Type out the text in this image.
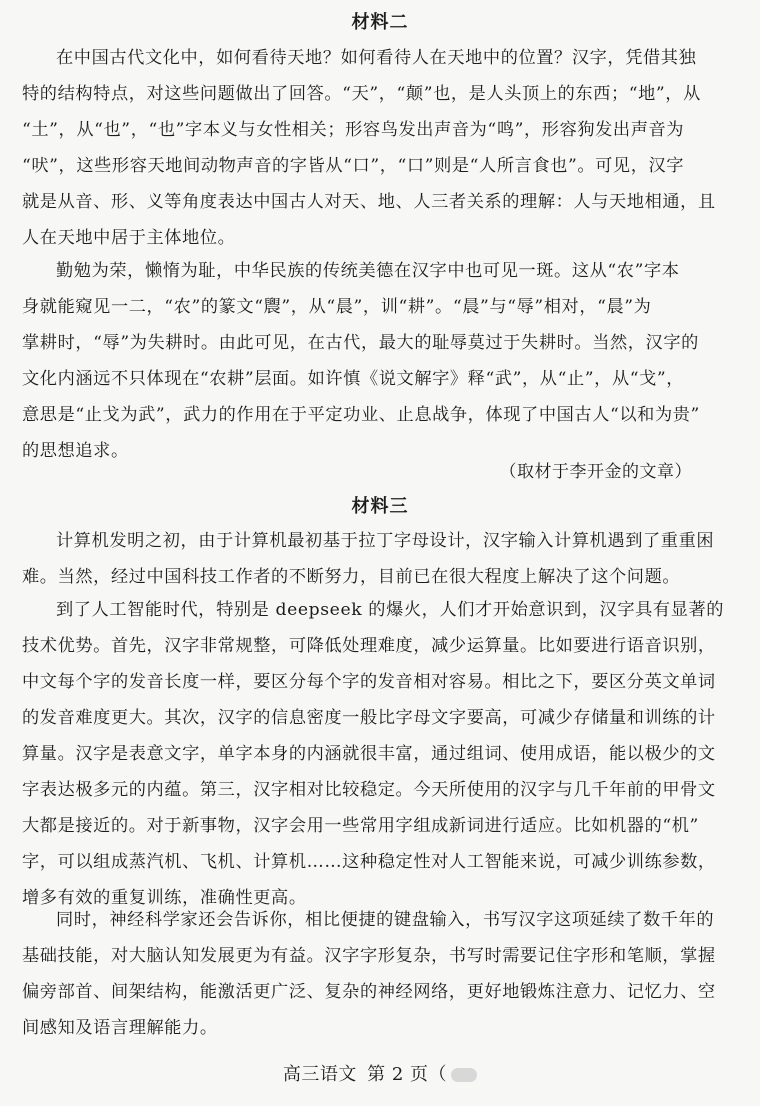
材料二
在中国古代文化中，如何看待天地？如何看待人在天地中的位置？汉字，凭借其独
特的结构特点，对这些问题做出了回答。“天”，“颠”也，是人头顶上的东西；“地”，从
“土”，从“也”，“也”字本义与女性相关；形容鸟发出声音为“鸣”，形容狗发出声音为
“吠”，这些形容天地间动物声音的字皆从“口”，“口”则是“人所言食也”。可见，汉字
就是从音、形、义等角度表达中国古人对天、地、人三者关系的理解：人与天地相通，且
人在天地中居于主体地位。
勤勉为荣，懒惰为耻，中华民族的传统美德在汉字中也可见一斑。这从“农”字本
身就能窥见一二，“农”的篆文“䢉”，从“晨”，训“耕”。“晨”与“辱”相对，“晨”为
掌耕时，“辱”为失耕时。由此可见，在古代，最大的耻辱莫过于失耕时。当然，汉字的
文化内涵远不只体现在“农耕”层面。如许慎《说文解字》释“武”，从“止”，从“戈”，
意思是“止戈为武”，武力的作用在于平定功业、止息战争，体现了中国古人“以和为贵”
的思想追求。
（取材于李开金的文章）
材料三
计算机发明之初，由于计算机最初基于拉丁字母设计，汉字输入计算机遇到了重重困
难。当然，经过中国科技工作者的不断努力，目前已在很大程度上解决了这个问题。
到了人工智能时代，特别是 deepseek 的爆火，人们才开始意识到，汉字具有显著的
技术优势。首先，汉字非常规整，可降低处理难度，减少运算量。比如要进行语音识别，
中文每个字的发音长度一样，要区分每个字的发音相对容易。相比之下，要区分英文单词
的发音难度更大。其次，汉字的信息密度一般比字母文字要高，可减少存储量和训练的计
算量。汉字是表意文字，单字本身的内涵就很丰富，通过组词、使用成语，能以极少的文
字表达极多元的内蕴。第三，汉字相对比较稳定。今天所使用的汉字与几千年前的甲骨文
大都是接近的。对于新事物，汉字会用一些常用字组成新词进行适应。比如机器的“机”
字，可以组成蒸汽机、飞机、计算机……这种稳定性对人工智能来说，可减少训练参数，
增多有效的重复训练，准确性更高。
同时，神经科学家还会告诉你，相比便捷的键盘输入，书写汉字这项延续了数千年的
基础技能，对大脑认知发展更为有益。汉字字形复杂，书写时需要记住字形和笔顺，掌握
偏旁部首、间架结构，能激活更广泛、复杂的神经网络，更好地锻炼注意力、记忆力、空
间感知及语言理解能力。
高三语文 第 2 页（
